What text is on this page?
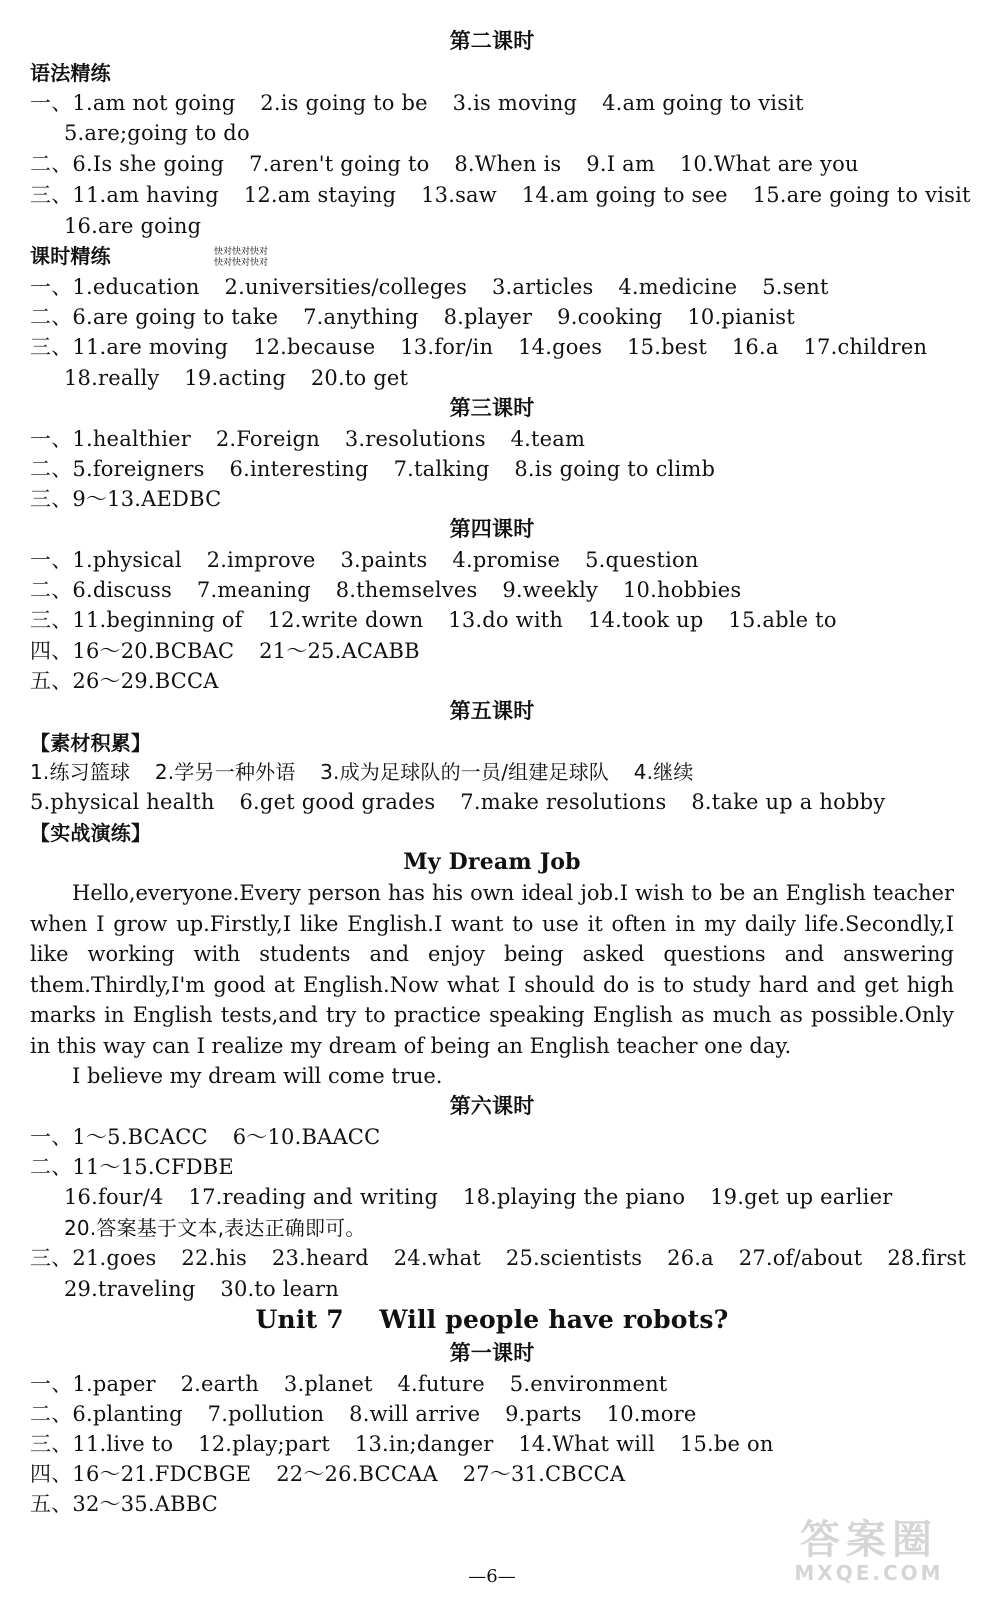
第二课时
语法精练
一、1.am not going 2.is going to be 3.is moving 4.am going to visit
5.are;going to do
二、6.Is she going 7.aren't going to 8.When is 9.I am 10.What are you
三、11.am having 12.am staying 13.saw 14.am going to see 15.are going to visit
16.are going
课时精练	快对快对快对
快对快对快对
一、1.education 2.universities/colleges 3.articles 4.medicine 5.sent
二、6.are going to take 7.anything 8.player 9.cooking 10.pianist
三、11.are moving 12.because 13.for/in 14.goes 15.best 16.a 17.children
18.really 19.acting 20.to get
第三课时
一、1.healthier 2.Foreign 3.resolutions 4.team
二、5.foreigners 6.interesting 7.talking 8.is going to climb
三、9～13.AEDBC
第四课时
一、1.physical 2.improve 3.paints 4.promise 5.question
二、6.discuss 7.meaning 8.themselves 9.weekly 10.hobbies
三、11.beginning of 12.write down 13.do with 14.took up 15.able to
四、16～20.BCBAC 21～25.ACABB
五、26～29.BCCA
第五课时
【素材积累】
1.练习篮球 2.学另一种外语 3.成为足球队的一员/组建足球队 4.继续
5.physical health 6.get good grades 7.make resolutions 8.take up a hobby
【实战演练】
My Dream Job

Hello,everyone.Every person has his own ideal job.I wish to be an English teacher when I grow up.Firstly,I like English.I want to use it often in my daily life.Secondly,I like working with students and enjoy being asked questions and answering them.Thirdly,I'm good at English.Now what I should do is to study hard and get high marks in English tests,and try to practice speaking English as much as possible.Only in this way can I realize my dream of being an English teacher one day.

I believe my dream will come true.

第六课时
一、1～5.BCACC 6～10.BAACC
二、11～15.CFDBE
16.four/4 17.reading and writing 18.playing the piano 19.get up earlier
20.答案基于文本,表达正确即可。
三、21.goes 22.his 23.heard 24.what 25.scientists 26.a 27.of/about 28.first
29.traveling 30.to learn
Unit 7    Will people have robots?
第一课时
一、1.paper 2.earth 3.planet 4.future 5.environment
二、6.planting 7.pollution 8.will arrive 9.parts 10.more
三、11.live to 12.play;part 13.in;danger 14.What will 15.be on
四、16～21.FDCBGE 22～26.BCCAA 27～31.CBCCA
五、32～35.ABBC
答案圈
MXQE.COM
—6—
